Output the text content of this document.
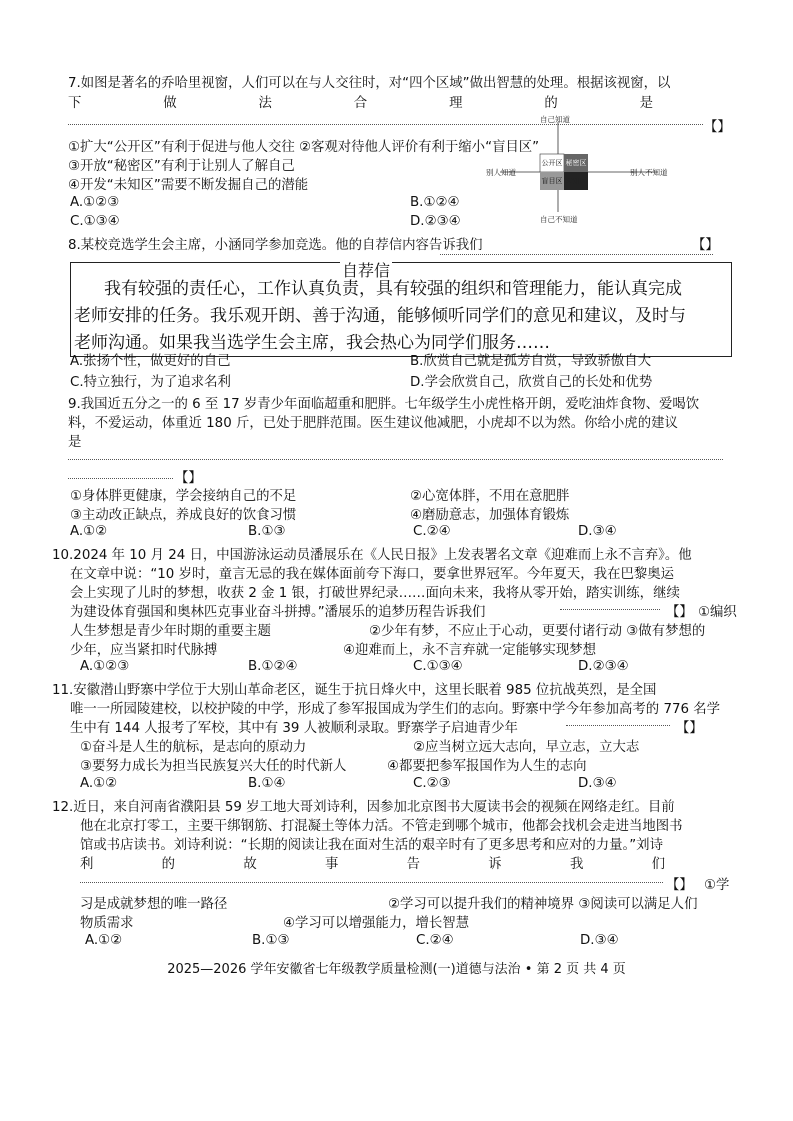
7.如图是著名的乔哈里视窗，人们可以在与人交往时，对“四个区域”做出智慧的处理。根据该视窗，以
下	做	法	合	理	的	是
【】
①扩大“公开区”有利于促进与他人交往 ②客观对待他人评价有利于缩小“盲目区”
③开放“秘密区”有利于让别人了解自己
④开发“未知区”需要不断发掘自己的潜能
A.①②③	B.①②④
C.①③④	D.②③④
自己知道
自己不知道
别人知道	别人不知道
公开区 秘密区
盲目区 未知区
8.某校竞选学生会主席，小涵同学参加竞选。他的自荐信内容告诉我们	【】
自荐信
我有较强的责任心，工作认真负责，具有较强的组织和管理能力，能认真完成
老师安排的任务。我乐观开朗、善于沟通，能够倾听同学们的意见和建议，及时与
老师沟通。如果我当选学生会主席，我会热心为同学们服务……
A.张扬个性，做更好的自己	B.欣赏自己就是孤芳自赏，导致骄傲自大
C.特立独行，为了追求名利	D.学会欣赏自己，欣赏自己的长处和优势
9.我国近五分之一的 6 至 17 岁青少年面临超重和肥胖。七年级学生小虎性格开朗，爱吃油炸食物、爱喝饮
料，不爱运动，体重近 180 斤，已处于肥胖范围。医生建议他减肥，小虎却不以为然。你给小虎的建议
是
【】
①身体胖更健康，学会接纳自己的不足	②心宽体胖，不用在意肥胖
③主动改正缺点，养成良好的饮食习惯	④磨励意志，加强体育锻炼
A.①②	B.①③	C.②④	D.③④
10.2024 年 10 月 24 日，中国游泳运动员潘展乐在《人民日报》上发表署名文章《迎难而上永不言弃》。他
在文章中说：“10 岁时，童言无忌的我在媒体面前夸下海口，要拿世界冠军。今年夏天，我在巴黎奥运
会上实现了儿时的梦想，收获 2 金 1 银，打破世界纪录……面向未来，我将从零开始，踏实训练，继续
为建设体育强国和奥林匹克事业奋斗拼搏。”潘展乐的追梦历程告诉我们	【】 ①编织
人生梦想是青少年时期的重要主题	②少年有梦，不应止于心动，更要付诸行动 ③做有梦想的
少年，应当紧扣时代脉搏	④迎难而上，永不言弃就一定能够实现梦想
A.①②③	B.①②④	C.①③④	D.②③④
11.安徽潜山野寨中学位于大别山革命老区，诞生于抗日烽火中，这里长眠着 985 位抗战英烈，是全国
唯一一所园陵建校，以校护陵的中学，形成了参军报国成为学生们的志向。野寨中学今年参加高考的 776 名学
生中有 144 人报考了军校，其中有 39 人被顺利录取。野寨学子启迪青少年	【】
①奋斗是人生的航标，是志向的原动力	②应当树立远大志向，早立志，立大志
③要努力成长为担当民族复兴大任的时代新人	④都要把参军报国作为人生的志向
A.①②	B.①④	C.②③	D.③④
12.近日，来自河南省濮阳县 59 岁工地大哥刘诗利，因参加北京图书大厦读书会的视频在网络走红。目前
他在北京打零工，主要干绑钢筋、打混凝土等体力活。不管走到哪个城市，他都会找机会走进当地图书
馆或书店读书。刘诗利说：“长期的阅读让我在面对生活的艰辛时有了更多思考和应对的力量。”刘诗
利	的	故	事	告	诉	我	们
【】 ①学
习是成就梦想的唯一路径	②学习可以提升我们的精神境界 ③阅读可以满足人们
物质需求	④学习可以增强能力，增长智慧
A.①②	B.①③	C.②④	D.③④
2025—2026 学年安徽省七年级教学质量检测(一)道德与法治 • 第 2 页 共 4 页
